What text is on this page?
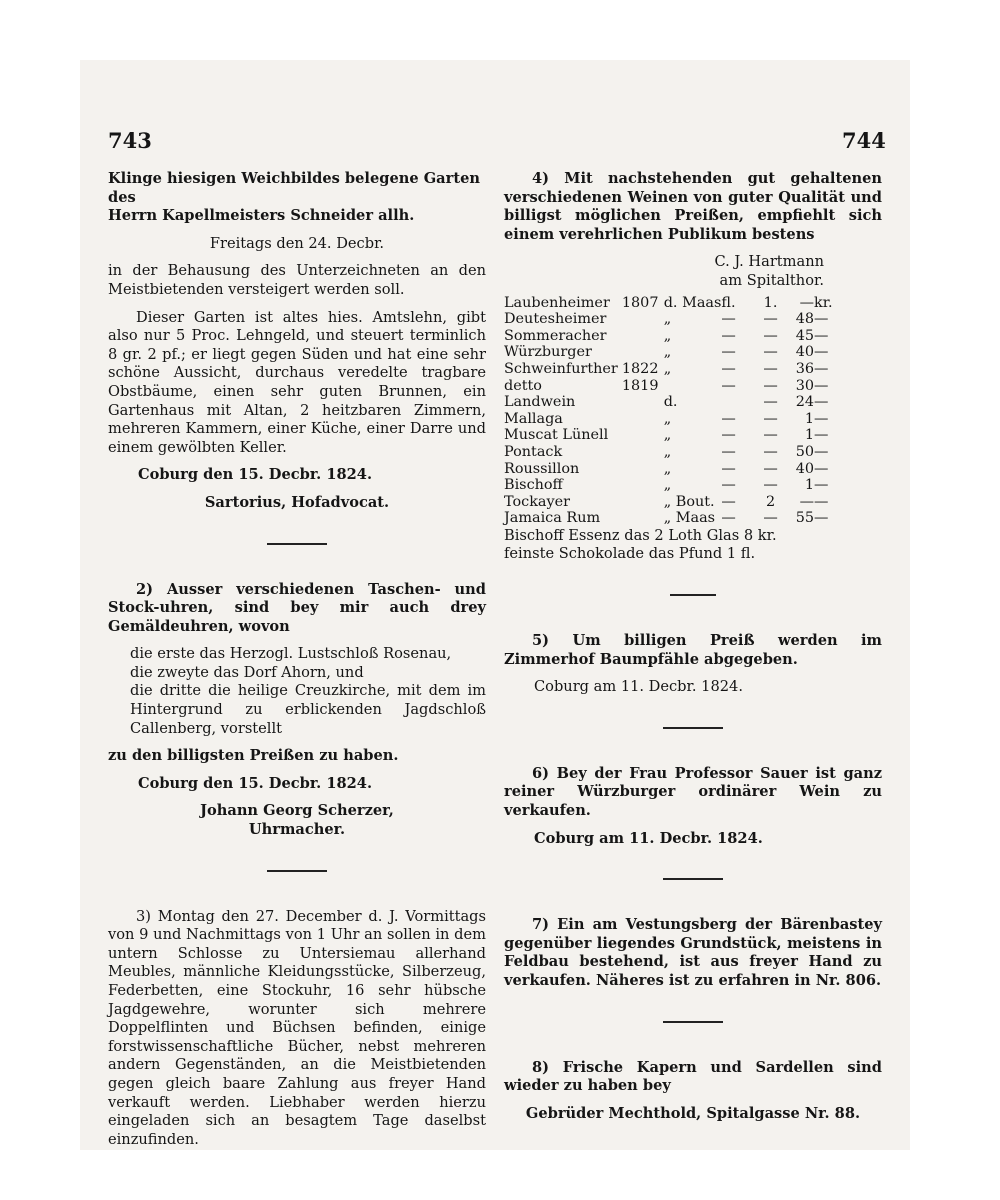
743	744

Klinge hiesigen Weichbildes belegene Garten des

Herrn Kapellmeisters Schneider allh.

Freitags den 24. Decbr.

in der Behausung des Unterzeichneten an den Meistbietenden versteigert werden soll.

Dieser Garten ist altes hies. Amtslehn, gibt also nur 5 Proc. Lehngeld, und steuert terminlich 8 gr. 2 pf.; er liegt gegen Süden und hat eine sehr schöne Aussicht, durchaus veredelte tragbare Obstbäume, einen sehr guten Brunnen, ein Gartenhaus mit Altan, 2 heitzbaren Zimmern, mehreren Kammern, einer Küche, einer Darre und einem gewölbten Keller.

Coburg den 15. Decbr. 1824.

Sartorius, Hofadvocat.

2) Ausser verschiedenen Taschen- und Stock-uhren, sind bey mir auch drey Gemäldeuhren, wovon

die erste das Herzogl. Lustschloß Rosenau,

die zweyte das Dorf Ahorn, und

die dritte die heilige Creuzkirche, mit dem im Hintergrund zu erblickenden Jagdschloß Callenberg, vorstellt

zu den billigsten Preißen zu haben.

Coburg den 15. Decbr. 1824.

Johann Georg Scherzer,

Uhrmacher.

3) Montag den 27. December d. J. Vormittags von 9 und Nachmittags von 1 Uhr an sollen in dem untern Schlosse zu Untersiemau allerhand Meubles, männliche Kleidungsstücke, Silberzeug, Federbetten, eine Stockuhr, 16 sehr hübsche Jagdgewehre, worunter sich mehrere Doppelflinten und Büchsen befinden, einige forstwissenschaftliche Bücher, nebst mehreren andern Gegenständen, an die Meistbietenden gegen gleich baare Zahlung aus freyer Hand verkauft werden. Liebhaber werden hierzu eingeladen sich an besagtem Tage daselbst einzufinden.

4) Mit nachstehenden gut gehaltenen verschiedenen Weinen von guter Qualität und billigst möglichen Preißen, empfiehlt sich einem verehrlichen Publikum bestens

C. J. Hartmann

am Spitalthor.

Laubenheimer	1807	d. Maas	fl.	1.	—	kr.
Deutesheimer		„	—	—	48	—
Sommeracher		„	—	—	45	—
Würzburger		„	—	—	40	—
Schweinfurther	1822	„	—	—	36	—
detto	1819		—	—	30	—
Landwein		d.		—	24	—
Mallaga		„	—	—	1	—
Muscat Lünell		„	—	—	1	—
Pontack		„	—	—	50	—
Roussillon		„	—	—	40	—
Bischoff		„	—	—	1	—
Tockayer		„ Bout.	—	2	—	—
Jamaica Rum		„ Maas	—	—	55	—

Bischoff Essenz das 2 Loth Glas 8 kr.

feinste Schokolade das Pfund 1 fl.

5) Um billigen Preiß werden im Zimmerhof Baumpfähle abgegeben.

Coburg am 11. Decbr. 1824.

6) Bey der Frau Professor Sauer ist ganz reiner Würzburger ordinärer Wein zu verkaufen.

Coburg am 11. Decbr. 1824.

7) Ein am Vestungsberg der Bärenbastey gegenüber liegendes Grundstück, meistens in Feldbau bestehend, ist aus freyer Hand zu verkaufen. Näheres ist zu erfahren in Nr. 806.

8) Frische Kapern und Sardellen sind wieder zu haben bey

Gebrüder Mechthold, Spitalgasse Nr. 88.
